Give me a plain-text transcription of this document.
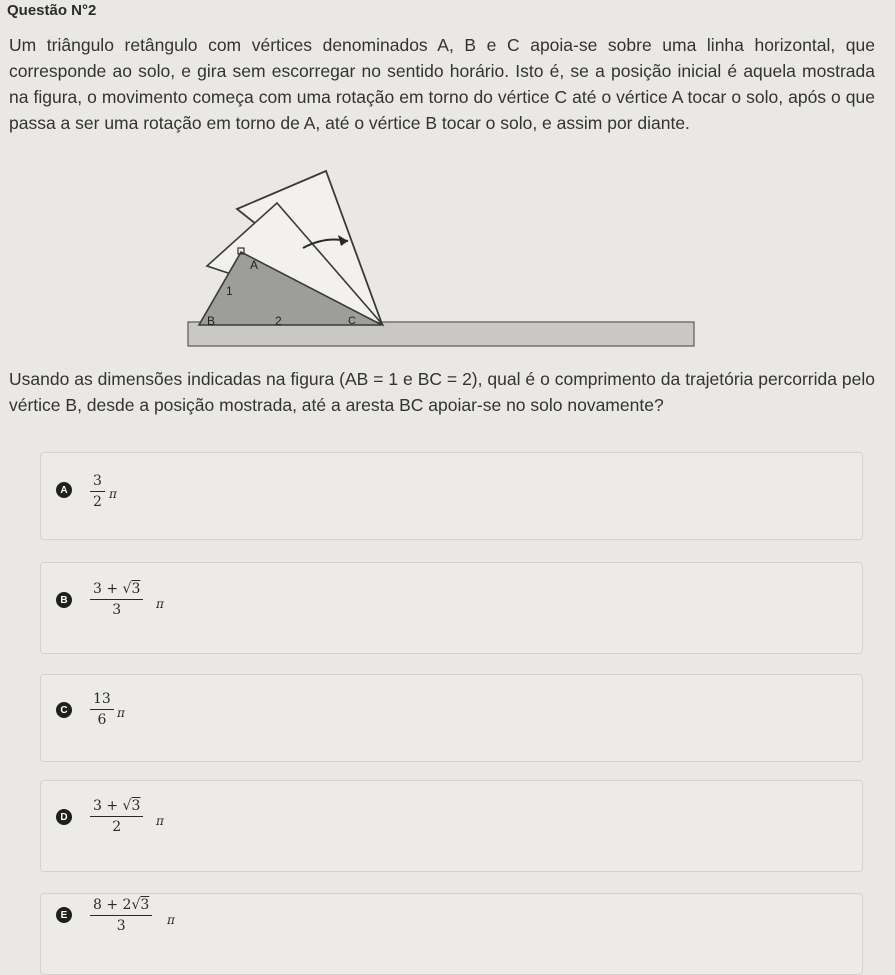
Questão N°2
Um triângulo retângulo com vértices denominados A, B e C apoia-se sobre uma linha horizontal, que corresponde ao solo, e gira sem escorregar no sentido horário. Isto é, se a posição inicial é aquela mostrada na figura, o movimento começa com uma rotação em torno do vértice C até o vértice A tocar o solo, após o que passa a ser uma rotação em torno de A, até o vértice B tocar o solo, e assim por diante.
A
1
B	2	C
Usando as dimensões indicadas na figura (AB = 1 e BC = 2), qual é o comprimento da trajetória percorrida pelo vértice B, desde a posição mostrada, até a aresta BC apoiar-se no solo novamente?
A
3
2 π
B
3 + √3
3	π
C
13
6 π
D
3 + √3
2	π
E
8 + 2√3
3	π
